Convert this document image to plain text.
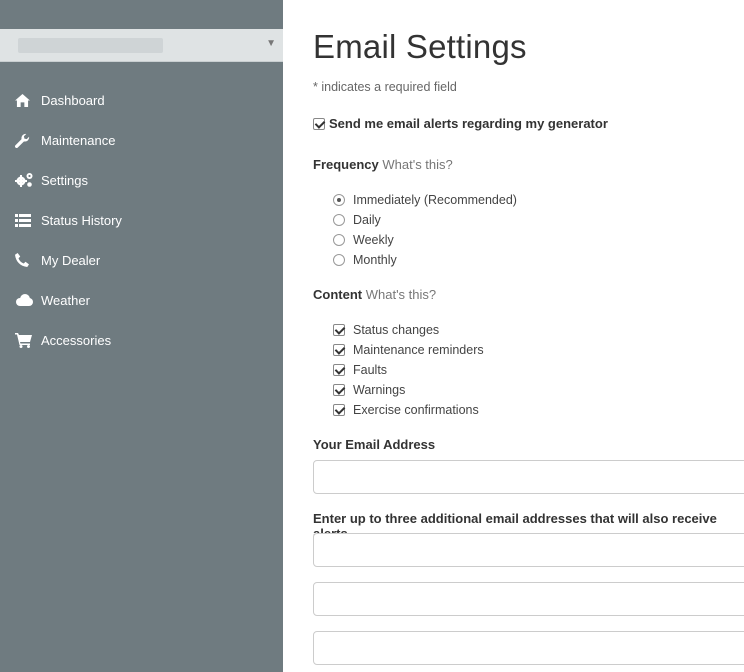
▼
Dashboard
Maintenance
Settings
Status History
My Dealer
Weather
Accessories
Email Settings
* indicates a required field
Send me email alerts regarding my generator
Frequency What's this?
Immediately (Recommended)
Daily
Weekly
Monthly
Content What's this?
Status changes
Maintenance reminders
Faults
Warnings
Exercise confirmations
Your Email Address
Enter up to three additional email addresses that will also receive
